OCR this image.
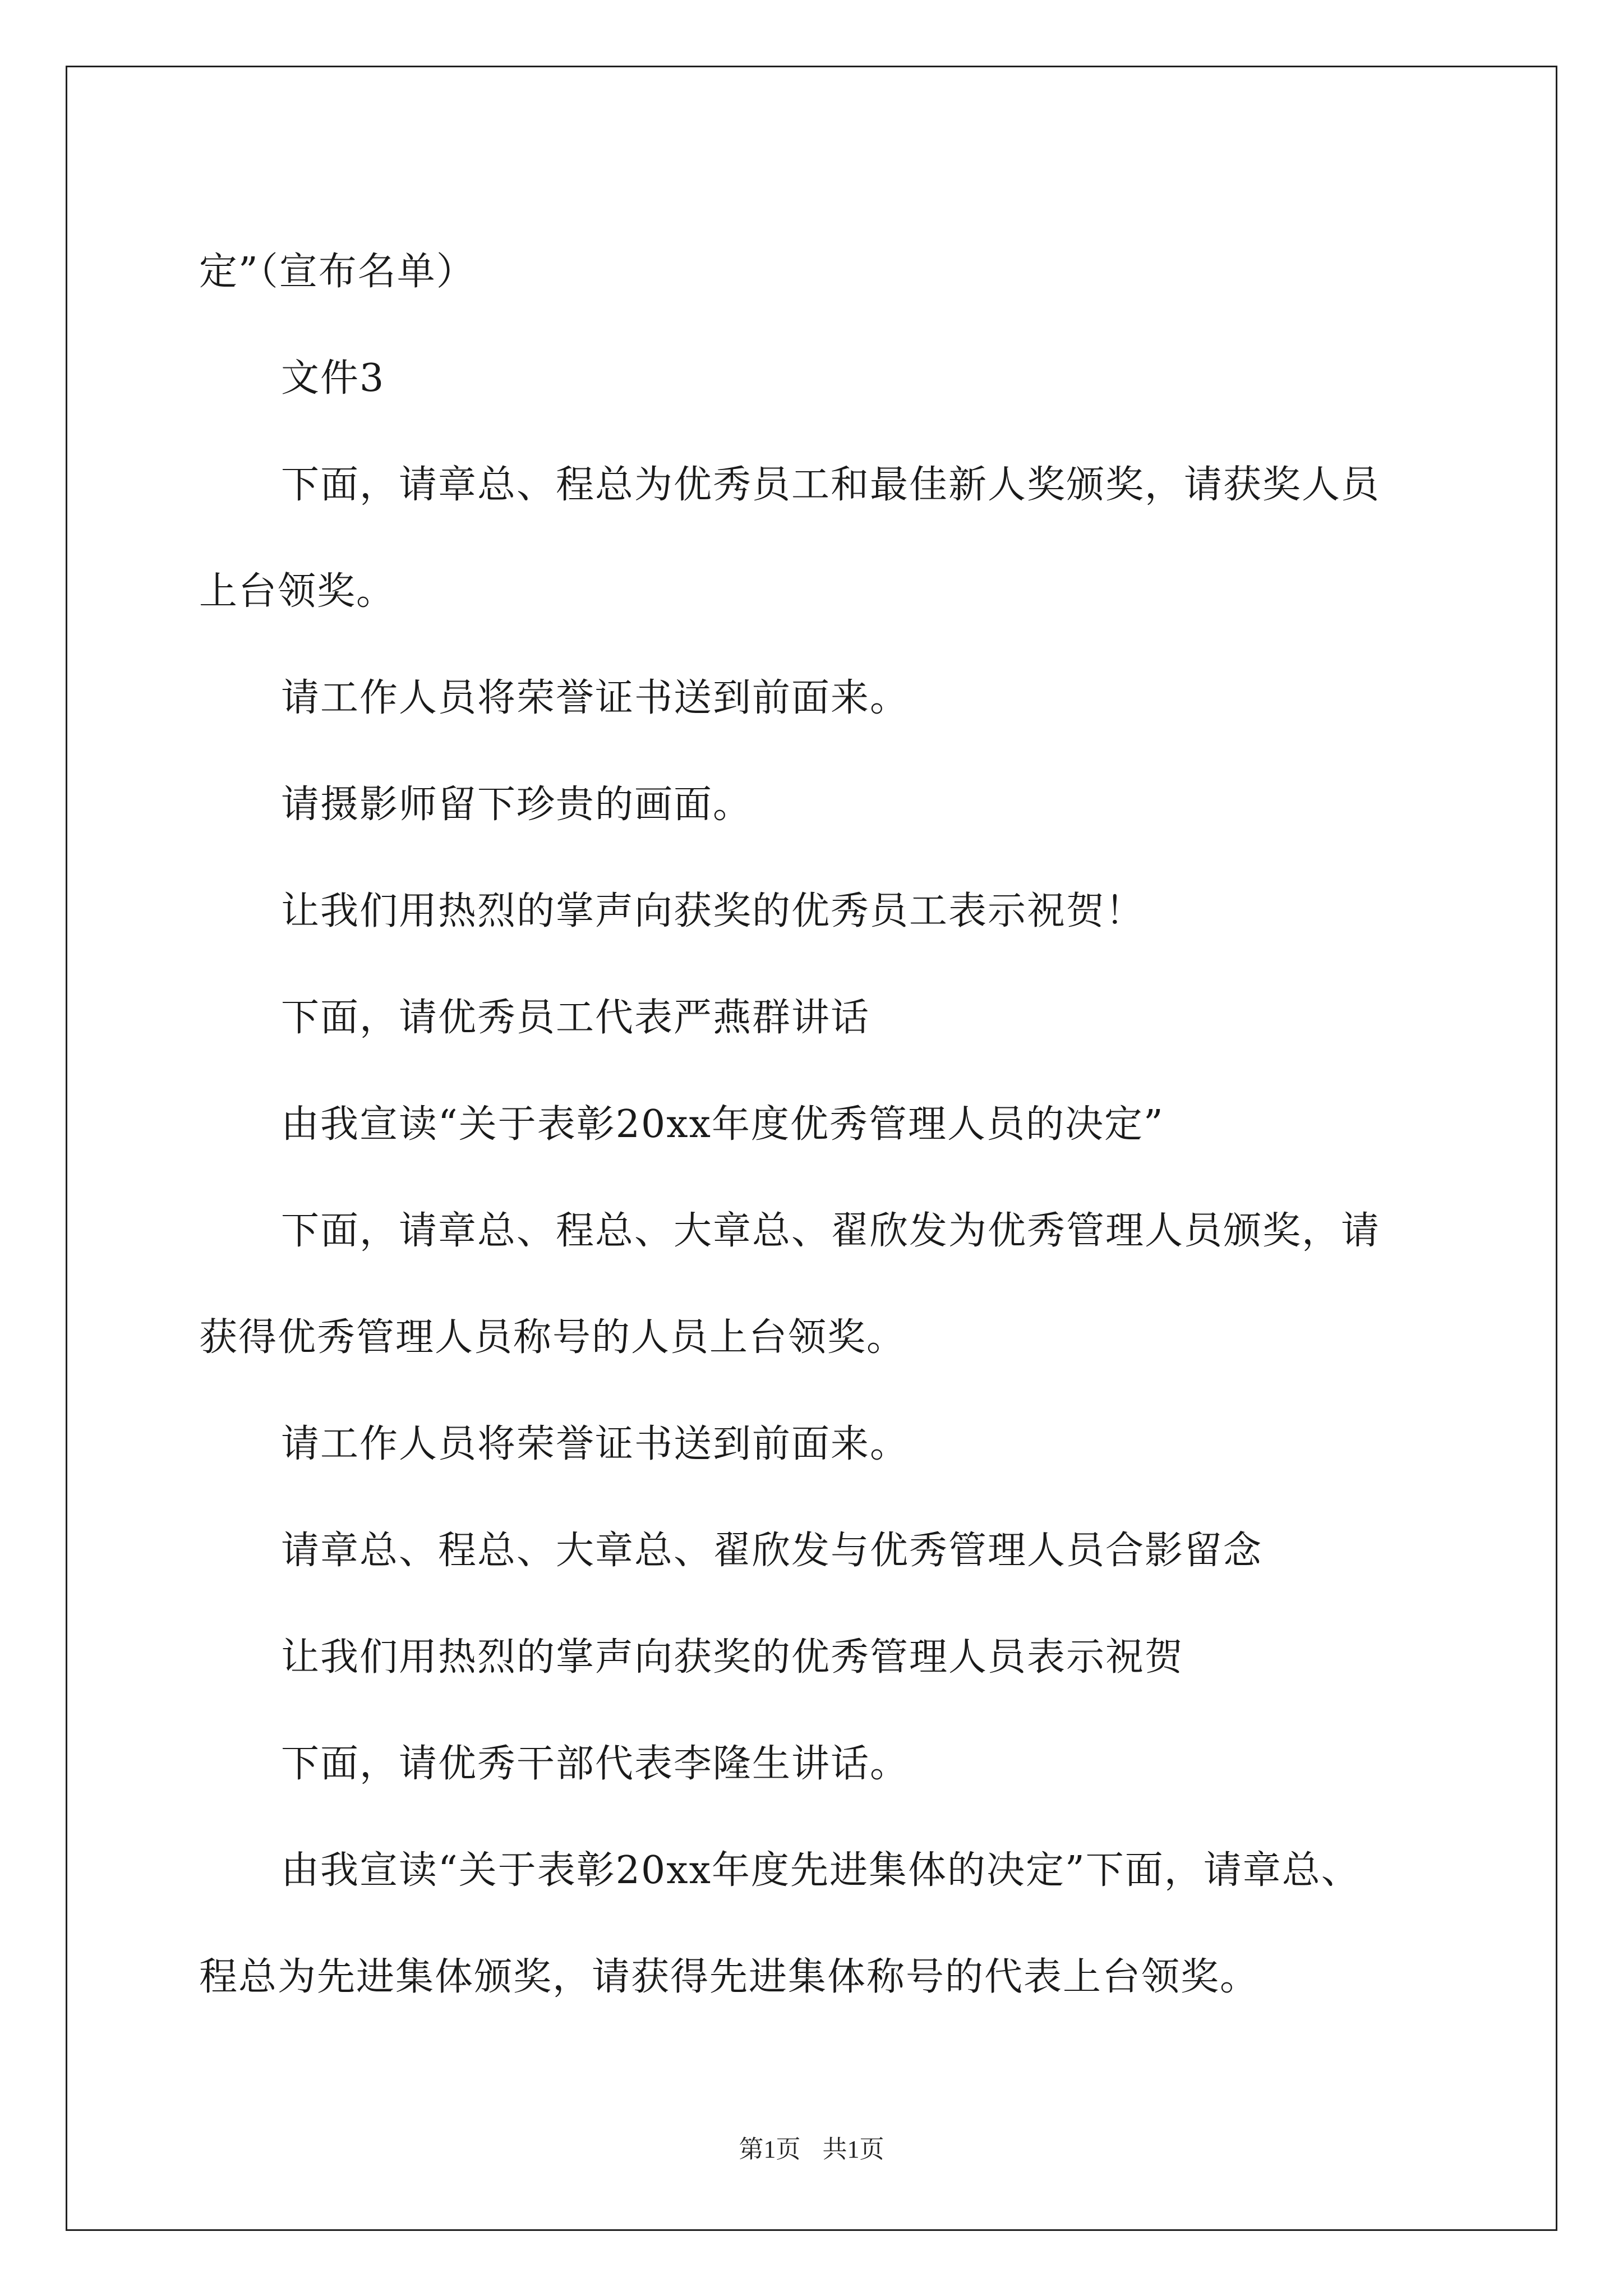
定”（宣布名单）

文件3

下面，请章总、程总为优秀员工和最佳新人奖颁奖，请获奖人员

上台领奖。

请工作人员将荣誉证书送到前面来。

请摄影师留下珍贵的画面。

让我们用热烈的掌声向获奖的优秀员工表示祝贺！

下面，请优秀员工代表严燕群讲话

由我宣读“关于表彰20xx年度优秀管理人员的决定”

下面，请章总、程总、大章总、翟欣发为优秀管理人员颁奖，请

获得优秀管理人员称号的人员上台领奖。

请工作人员将荣誉证书送到前面来。

请章总、程总、大章总、翟欣发与优秀管理人员合影留念

让我们用热烈的掌声向获奖的优秀管理人员表示祝贺

下面，请优秀干部代表李隆生讲话。

由我宣读“关于表彰20xx年度先进集体的决定”下面，请章总、

程总为先进集体颁奖，请获得先进集体称号的代表上台领奖。

第1页 共1页
